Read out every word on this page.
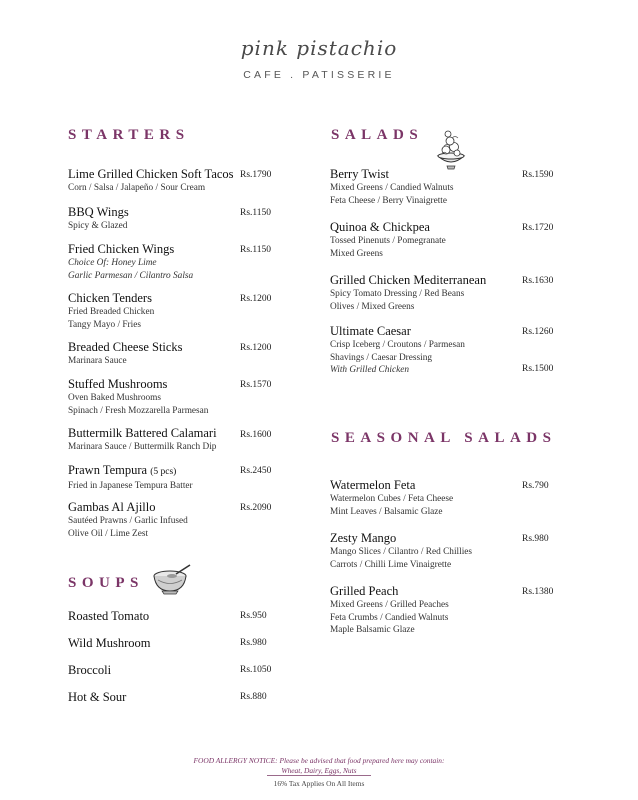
pink pistachio
CAFE . PATISSERIE
STARTERS
Lime Grilled Chicken Soft Tacos
Corn / Salsa / Jalapeño / Sour Cream
Rs.1790
BBQ Wings
Spicy & Glazed
Rs.1150
Fried Chicken Wings
Choice Of: Honey Lime
Garlic Parmesan / Cilantro Salsa
Rs.1150
Chicken Tenders
Fried Breaded Chicken
Tangy Mayo / Fries
Rs.1200
Breaded Cheese Sticks
Marinara Sauce
Rs.1200
Stuffed Mushrooms
Oven Baked Mushrooms
Spinach / Fresh Mozzarella Parmesan
Rs.1570
Buttermilk Battered Calamari
Marinara Sauce / Buttermilk Ranch Dip
Rs.1600
Prawn Tempura (5 pcs)
Fried in Japanese Tempura Batter
Rs.2450
Gambas Al Ajillo
Sautéed Prawns / Garlic Infused
Olive Oil / Lime Zest
Rs.2090
SOUPS
Roasted Tomato	Rs.950
Wild Mushroom	Rs.980
Broccoli	Rs.1050
Hot & Sour	Rs.880
SALADS
Berry Twist
Mixed Greens / Candied Walnuts
Feta Cheese / Berry Vinaigrette
Rs.1590
Quinoa & Chickpea
Tossed Pinenuts / Pomegranate
Mixed Greens
Rs.1720
Grilled Chicken Mediterranean
Spicy Tomato Dressing / Red Beans
Olives / Mixed Greens
Rs.1630
Ultimate Caesar
Crisp Iceberg / Croutons / Parmesan
Shavings / Caesar Dressing
With Grilled Chicken
Rs.1260
Rs.1500
SEASONAL SALADS
Watermelon Feta
Watermelon Cubes / Feta Cheese
Mint Leaves / Balsamic Glaze
Rs.790
Zesty Mango
Mango Slices / Cilantro / Red Chillies
Carrots / Chilli Lime Vinaigrette
Rs.980
Grilled Peach
Mixed Greens / Grilled Peaches
Feta Crumbs / Candied Walnuts
Maple Balsamic Glaze
Rs.1380
FOOD ALLERGY NOTICE: Please be advised that food prepared here may contain:
Wheat, Dairy, Eggs, Nuts
16% Tax Applies On All Items
